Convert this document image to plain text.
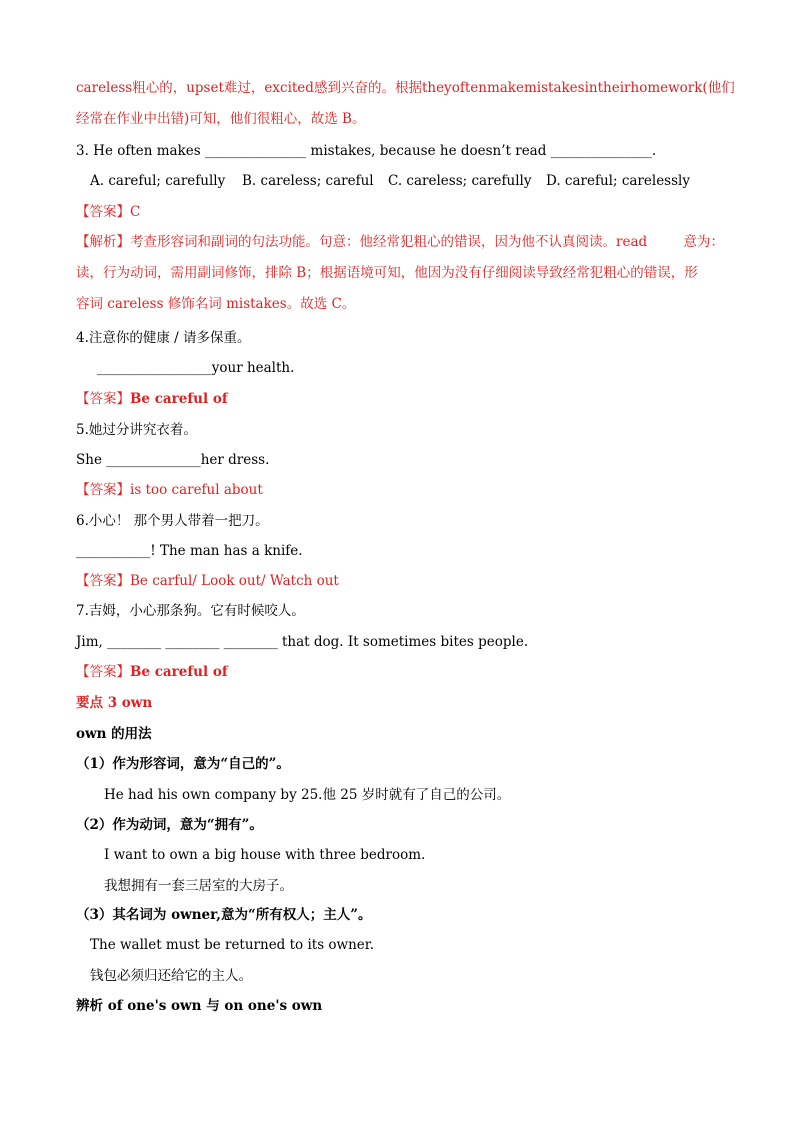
careless 粗心的，upset 难过，excited 感到兴奋的。根据 they often make mistakes in their homework(他们
经常在作业中出错)可知，他们很粗心，故选 B。
3. He often makes _______________ mistakes, because he doesn’t read _______________.
A. careful; carefully B. careless; careful C. careless; carefully D. careful; carelessly
【答案】C
【解析】考查形容词和副词的句法功能。句意：他经常犯粗心的错误，因为他不认真阅读。read	意为：
读，行为动词，需用副词修饰，排除 B；根据语境可知，他因为没有仔细阅读导致经常犯粗心的错误，形
容词 careless 修饰名词 mistakes。故选 C。
4.注意你的健康 / 请多保重。
_________________your health.
【答案】Be careful of
5.她过分讲究衣着。
She ______________her dress.
【答案】is too careful about
6.小心！ 那个男人带着一把刀。
___________! The man has a knife.
【答案】Be carful/ Look out/ Watch out
7.吉姆，小心那条狗。它有时候咬人。
Jim, ________ ________ ________ that dog. It sometimes bites people.
【答案】Be careful of
要点 3 own
own 的用法
（1）作为形容词，意为“自己的”。
He had his own company by 25.他 25 岁时就有了自己的公司。
（2）作为动词，意为“拥有”。
I want to own a big house with three bedroom.
我想拥有一套三居室的大房子。
（3）其名词为 owner,意为“所有权人；主人”。
The wallet must be returned to its owner.
钱包必须归还给它的主人。
辨析 of one's own 与 on one's own
